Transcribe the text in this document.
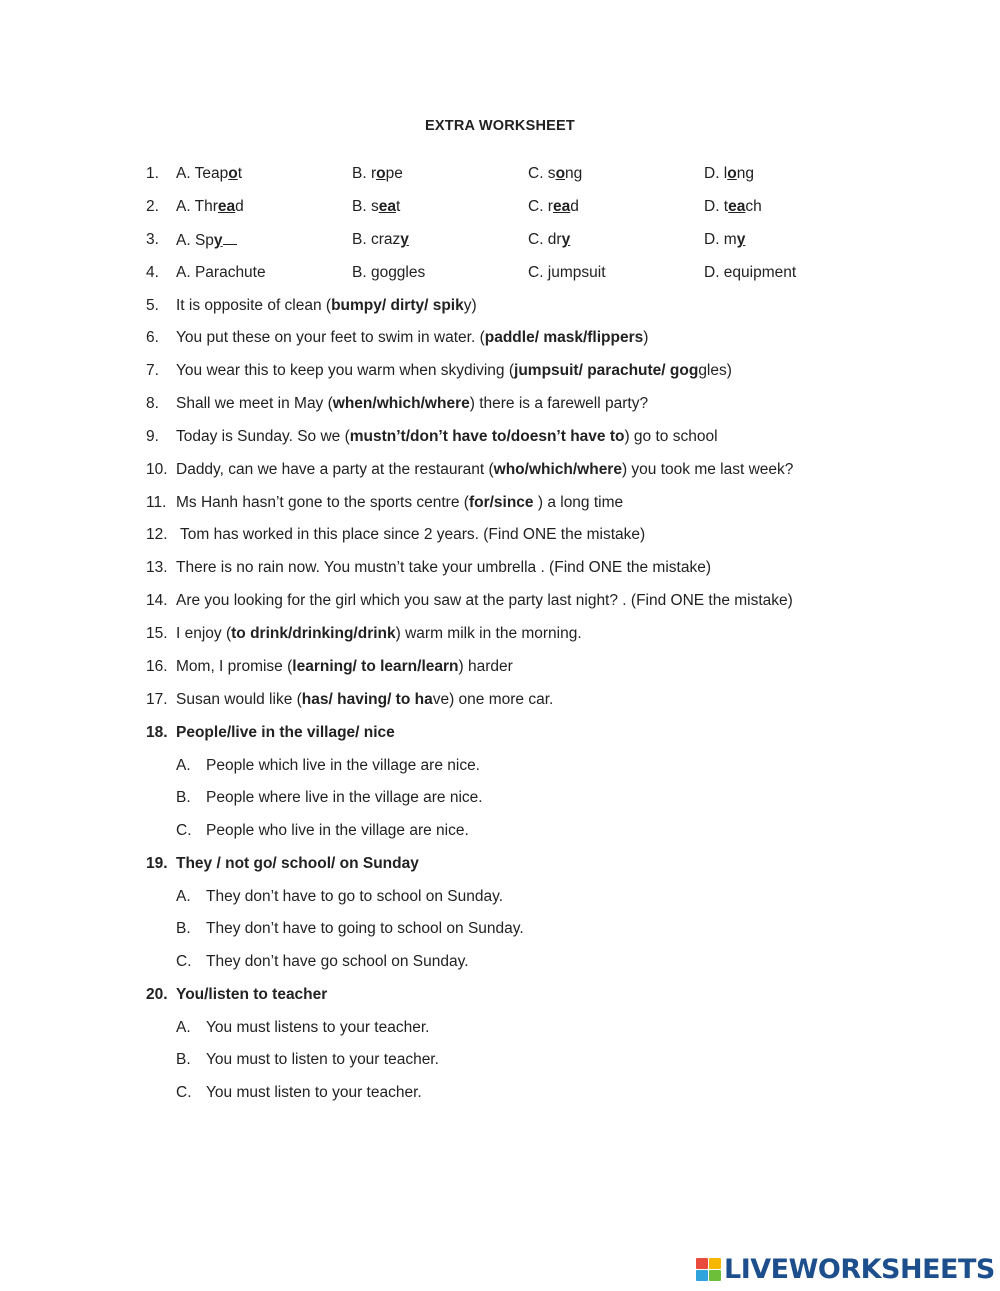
EXTRA WORKSHEET
1. A. Teapot	B. rope	C. song	D. long
2. A. Thread	B. seat	C. read	D. teach
3. A. Spy	B. crazy	C. dry	D. my
4. A. Parachute	B. goggles	C. jumpsuit	D. equipment
5. It is opposite of clean (bumpy/ dirty/ spiky)
6. You put these on your feet to swim in water. (paddle/ mask/flippers)
7. You wear this to keep you warm when skydiving (jumpsuit/ parachute/ goggles)
8. Shall we meet in May (when/which/where) there is a farewell party?
9. Today is Sunday. So we (mustn’t/don’t have to/doesn’t have to) go to school
10. Daddy, can we have a party at the restaurant (who/which/where) you took me last week?
11. Ms Hanh hasn’t gone to the sports centre (for/since ) a long time
12. Tom has worked in this place since 2 years. (Find ONE the mistake)
13. There is no rain now. You mustn’t take your umbrella . (Find ONE the mistake)
14. Are you looking for the girl which you saw at the party last night? . (Find ONE the mistake)
15. I enjoy (to drink/drinking/drink) warm milk in the morning.
16. Mom, I promise (learning/ to learn/learn) harder
17. Susan would like (has/ having/ to have) one more car.
18. People/live in the village/ nice
A. People which live in the village are nice.
B. People where live in the village are nice.
C. People who live in the village are nice.
19. They / not go/ school/ on Sunday
A. They don’t have to go to school on Sunday.
B. They don’t have to going to school on Sunday.
C. They don’t have go school on Sunday.
20. You/listen to teacher
A. You must listens to your teacher.
B. You must to listen to your teacher.
C. You must listen to your teacher.
LIVEWORKSHEETS
